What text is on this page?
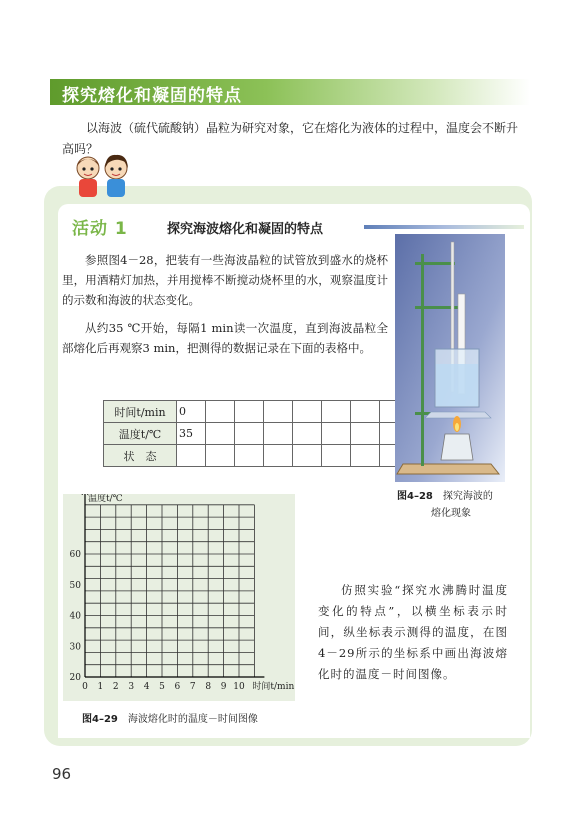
探究熔化和凝固的特点
以海波（硫代硫酸钠）晶粒为研究对象，它在熔化为液体的过程中，温度会不断升高吗？
活动 1	探究海波熔化和凝固的特点
参照图4－28，把装有一些海波晶粒的试管放到盛水的烧杯里，用酒精灯加热，并用搅棒不断搅动烧杯里的水，观察温度计的示数和海波的状态变化。
从约35 ℃开始，每隔1 min读一次温度，直到海波晶粒全部熔化后再观察3 min，把测得的数据记录在下面的表格中。
时间t/min	0							
温度t/℃	35							
状　态								
图4–28 探究海波的
熔化现象
0 1 2 3 4 5 6 7 8 9 10
20
30
40
50
60
温度t/℃
时间t/min
图4–29 海波熔化时的温度－时间图像
仿照实验“探究水沸腾时温度变化的特点”，以横坐标表示时间，纵坐标表示测得的温度，在图4－29所示的坐标系中画出海波熔化时的温度－时间图像。
96
